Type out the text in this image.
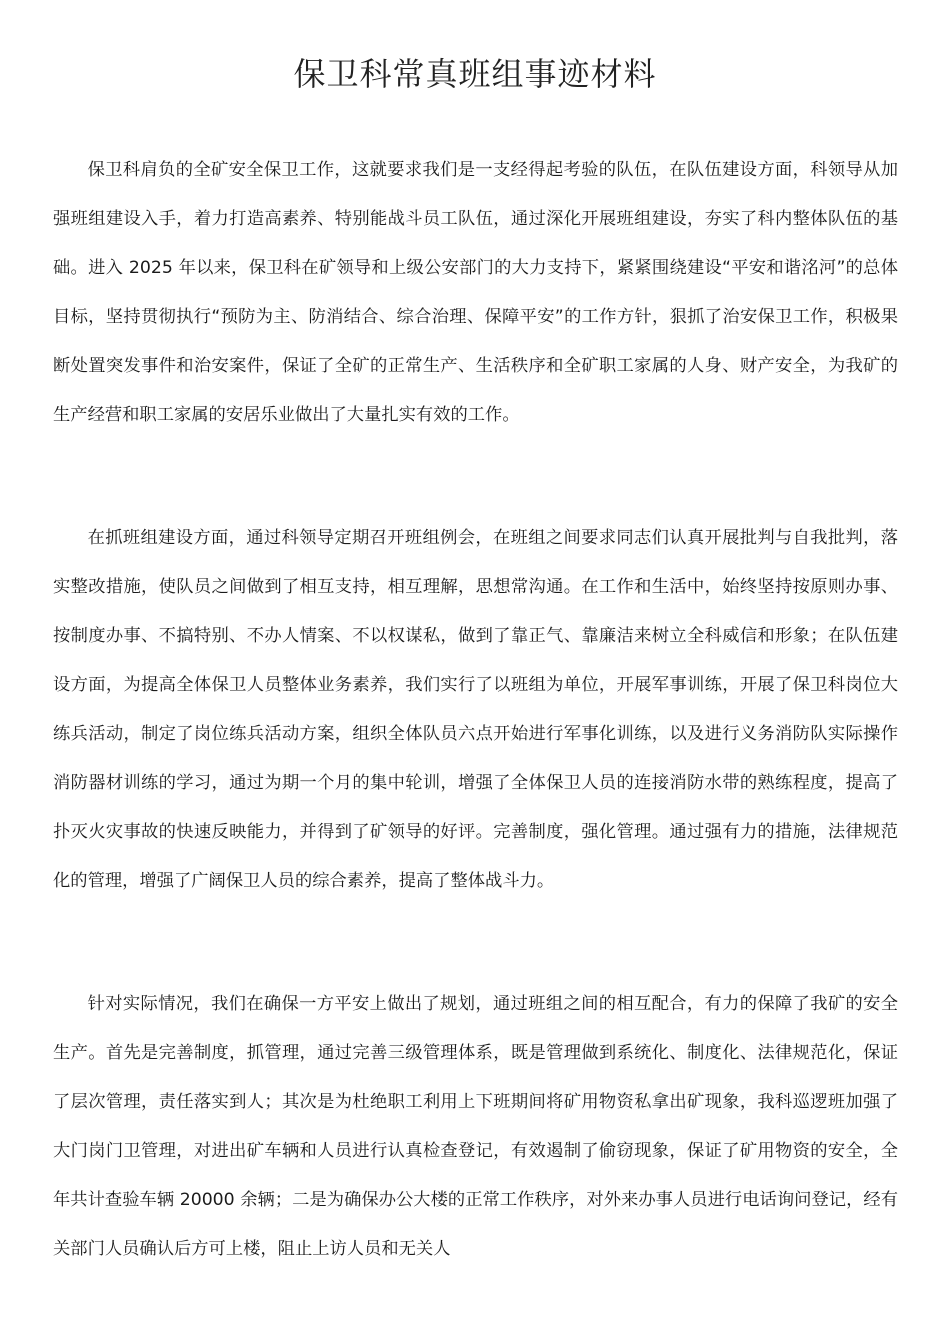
保卫科常真班组事迹材料

保卫科肩负的全矿安全保卫工作，这就要求我们是一支经得起考验的队伍，在队伍建设方面，科领导从加强班组建设入手，着力打造高素养、特别能战斗员工队伍，通过深化开展班组建设，夯实了科内整体队伍的基础。进入 2025 年以来，保卫科在矿领导和上级公安部门的大力支持下，紧紧围绕建设“平安和谐洺河”的总体目标，坚持贯彻执行“预防为主、防消结合、综合治理、保障平安”的工作方针，狠抓了治安保卫工作，积极果断处置突发事件和治安案件，保证了全矿的正常生产、生活秩序和全矿职工家属的人身、财产安全，为我矿的生产经营和职工家属的安居乐业做出了大量扎实有效的工作。

在抓班组建设方面，通过科领导定期召开班组例会，在班组之间要求同志们认真开展批判与自我批判，落实整改措施，使队员之间做到了相互支持，相互理解，思想常沟通。在工作和生活中，始终坚持按原则办事、按制度办事、不搞特别、不办人情案、不以权谋私，做到了靠正气、靠廉洁来树立全科威信和形象；在队伍建设方面，为提高全体保卫人员整体业务素养，我们实行了以班组为单位，开展军事训练，开展了保卫科岗位大练兵活动，制定了岗位练兵活动方案，组织全体队员六点开始进行军事化训练，以及进行义务消防队实际操作消防器材训练的学习，通过为期一个月的集中轮训，增强了全体保卫人员的连接消防水带的熟练程度，提高了扑灭火灾事故的快速反映能力，并得到了矿领导的好评。完善制度，强化管理。通过强有力的措施，法律规范化的管理，增强了广阔保卫人员的综合素养，提高了整体战斗力。

针对实际情况，我们在确保一方平安上做出了规划，通过班组之间的相互配合，有力的保障了我矿的安全生产。首先是完善制度，抓管理，通过完善三级管理体系，既是管理做到系统化、制度化、法律规范化，保证了层次管理，责任落实到人；其次是为杜绝职工利用上下班期间将矿用物资私拿出矿现象，我科巡逻班加强了大门岗门卫管理，对进出矿车辆和人员进行认真检查登记，有效遏制了偷窃现象，保证了矿用物资的安全，全年共计查验车辆 20000 余辆；二是为确保办公大楼的正常工作秩序，对外来办事人员进行电话询问登记，经有关部门人员确认后方可上楼，阻止上访人员和无关人
